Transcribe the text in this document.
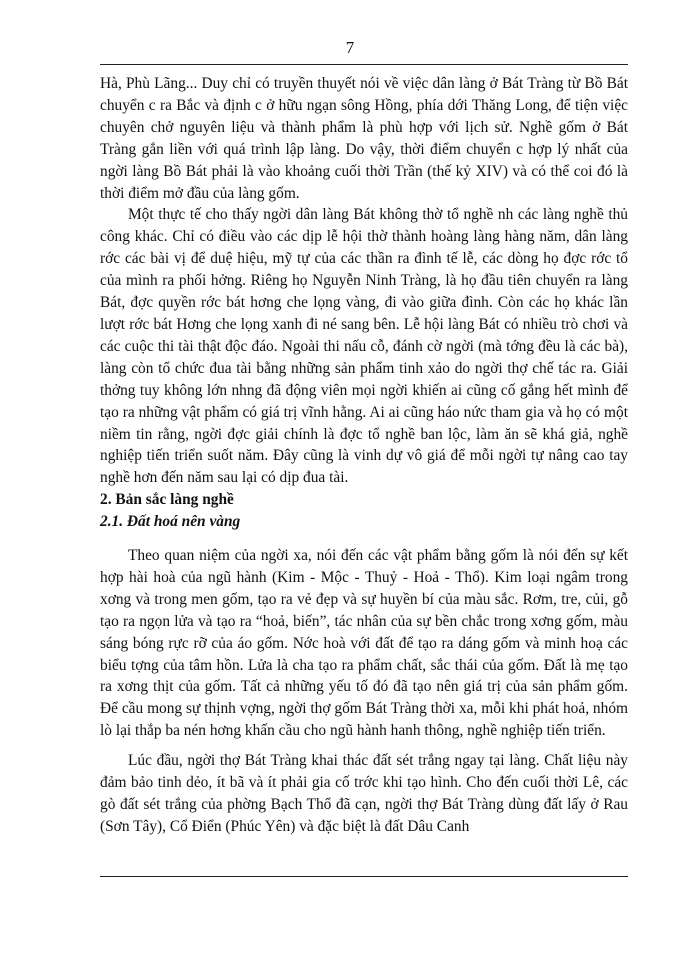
7

Hà, Phù Lãng... Duy chỉ có truyền thuyết nói về việc dân làng ở Bát Tràng từ Bồ Bát chuyển c ra Bắc và định c ở hữu ngạn sông Hồng, phía dới Thăng Long, để tiện việc chuyên chở nguyên liệu và thành phẩm là phù hợp với lịch sử. Nghề gốm ở Bát Tràng gắn liền với quá trình lập làng. Do vậy, thời điểm chuyển c hợp lý nhất của ngời làng Bồ Bát phải là vào khoảng cuối thời Trần (thế kỷ XIV) và có thể coi đó là thời điểm mở đầu của làng gốm.

Một thực tế cho thấy ngời dân làng Bát không thờ tổ nghề nh các làng nghề thủ công khác. Chỉ có điều vào các dịp lễ hội thờ thành hoàng làng hàng năm, dân làng rớc các bài vị để duệ hiệu, mỹ tự của các thần ra đình tế lễ, các dòng họ đợc rớc tổ của mình ra phối hởng. Riêng họ Nguyễn Ninh Tràng, là họ đầu tiên chuyển ra làng Bát, đợc quyền rớc bát hơng che lọng vàng, đi vào giữa đình. Còn các họ khác lần lượt rớc bát Hơng che lọng xanh đi né sang bên. Lễ hội làng Bát có nhiều trò chơi và các cuộc thi tài thật độc đáo. Ngoài thi nấu cỗ, đánh cờ ngời (mà tớng đều là các bà), làng còn tổ chức đua tài bằng những sản phẩm tinh xảo do ngời thợ chế tác ra. Giải thởng tuy không lớn nhng đã động viên mọi ngời khiến ai cũng cố gắng hết mình để tạo ra những vật phẩm có giá trị vĩnh hằng. Ai ai cũng háo nức tham gia và họ có một niềm tin rằng, ngời đợc giải chính là đợc tổ nghề ban lộc, làm ăn sẽ khá giả, nghề nghiệp tiến triển suốt năm. Đây cũng là vinh dự vô giá để mỗi ngời tự nâng cao tay nghề hơn đến năm sau lại có dịp đua tài.

2. Bản sắc làng nghề

2.1. Đất hoá nên vàng

Theo quan niệm của ngời xa, nói đến các vật phẩm bằng gốm là nói đến sự kết hợp hài hoà của ngũ hành (Kim - Mộc - Thuỷ - Hoả - Thổ). Kim loại ngâm trong xơng và trong men gốm, tạo ra vẻ đẹp và sự huyền bí của màu sắc. Rơm, tre, củi, gỗ tạo ra ngọn lửa và tạo ra “hoả, biến”, tác nhân của sự bền chắc trong xơng gốm, màu sáng bóng rực rỡ của áo gốm. Nớc hoà với đất để tạo ra dáng gốm và minh hoạ các biểu tợng của tâm hồn. Lửa là cha tạo ra phẩm chất, sắc thái của gốm. Đất là mẹ tạo ra xơng thịt của gốm. Tất cả những yếu tố đó đã tạo nên giá trị của sản phẩm gốm. Để cầu mong sự thịnh vợng, ngời thợ gốm Bát Tràng thời xa, mỗi khi phát hoả, nhóm lò lại thắp ba nén hơng khấn cầu cho ngũ hành hanh thông, nghề nghiệp tiến triển.

Lúc đầu, ngời thợ Bát Tràng khai thác đất sét trắng ngay tại làng. Chất liệu này đảm bảo tinh dẻo, ít bã và ít phải gia cố trớc khi tạo hình. Cho đến cuối thời Lê, các gò đất sét trắng của phờng Bạch Thổ đã cạn, ngời thợ Bát Tràng dùng đất lấy ở Rau (Sơn Tây), Cổ Điển (Phúc Yên) và đặc biệt là đất Dâu Canh
